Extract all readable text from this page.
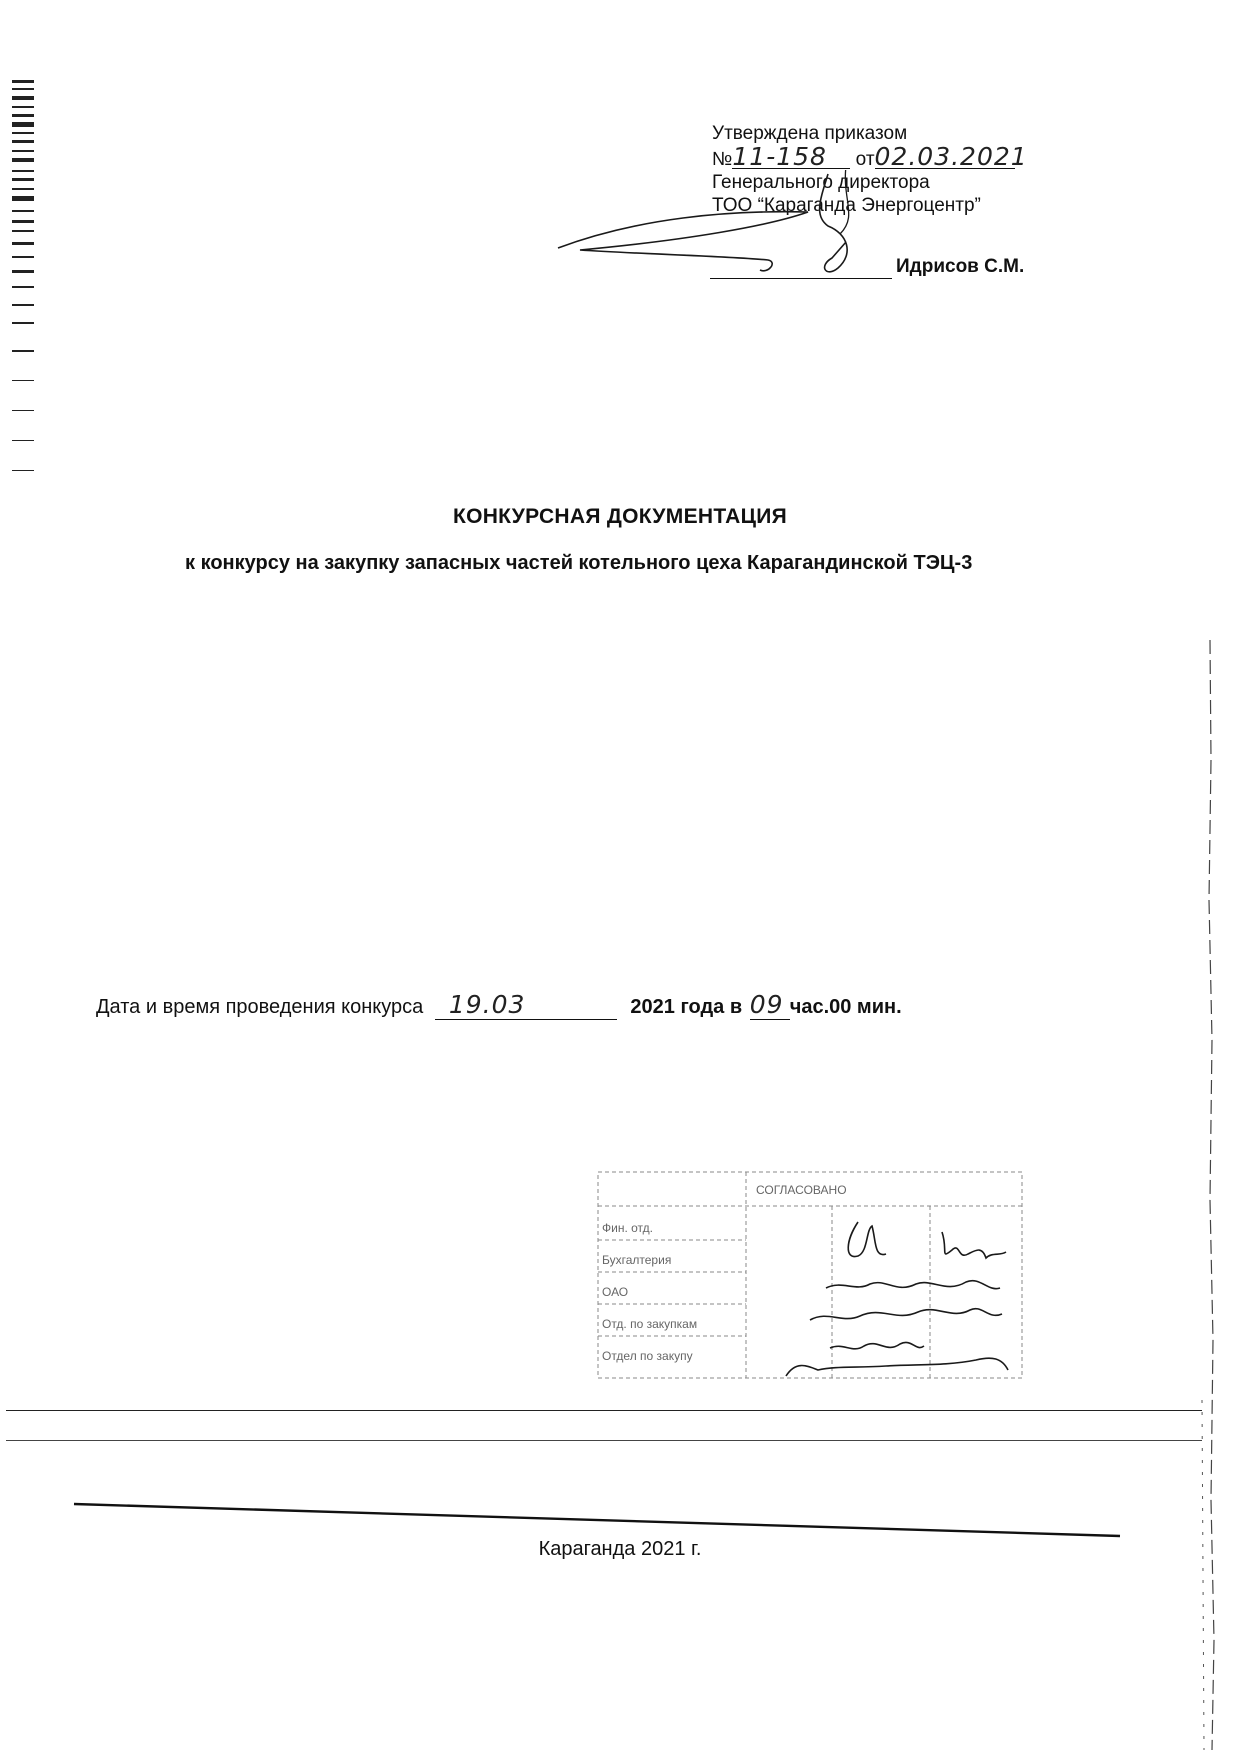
Утверждена приказом
№11-158 от02.03.2021
Генерального директора
ТОО “Караганда Энергоцентр”
Идрисов С.М.
КОНКУРСНАЯ ДОКУМЕНТАЦИЯ
к конкурсу на закупку запасных частей котельного цеха Карагандинской ТЭЦ-3
Дата и время проведения конкурса 19.03	2021 года в 09 час.00 мин.
СОГЛАСОВАНО
Фин. отд.
Бухгалтерия
ОАО
Отд. по закупкам
Отдел по закупу
Караганда 2021 г.
